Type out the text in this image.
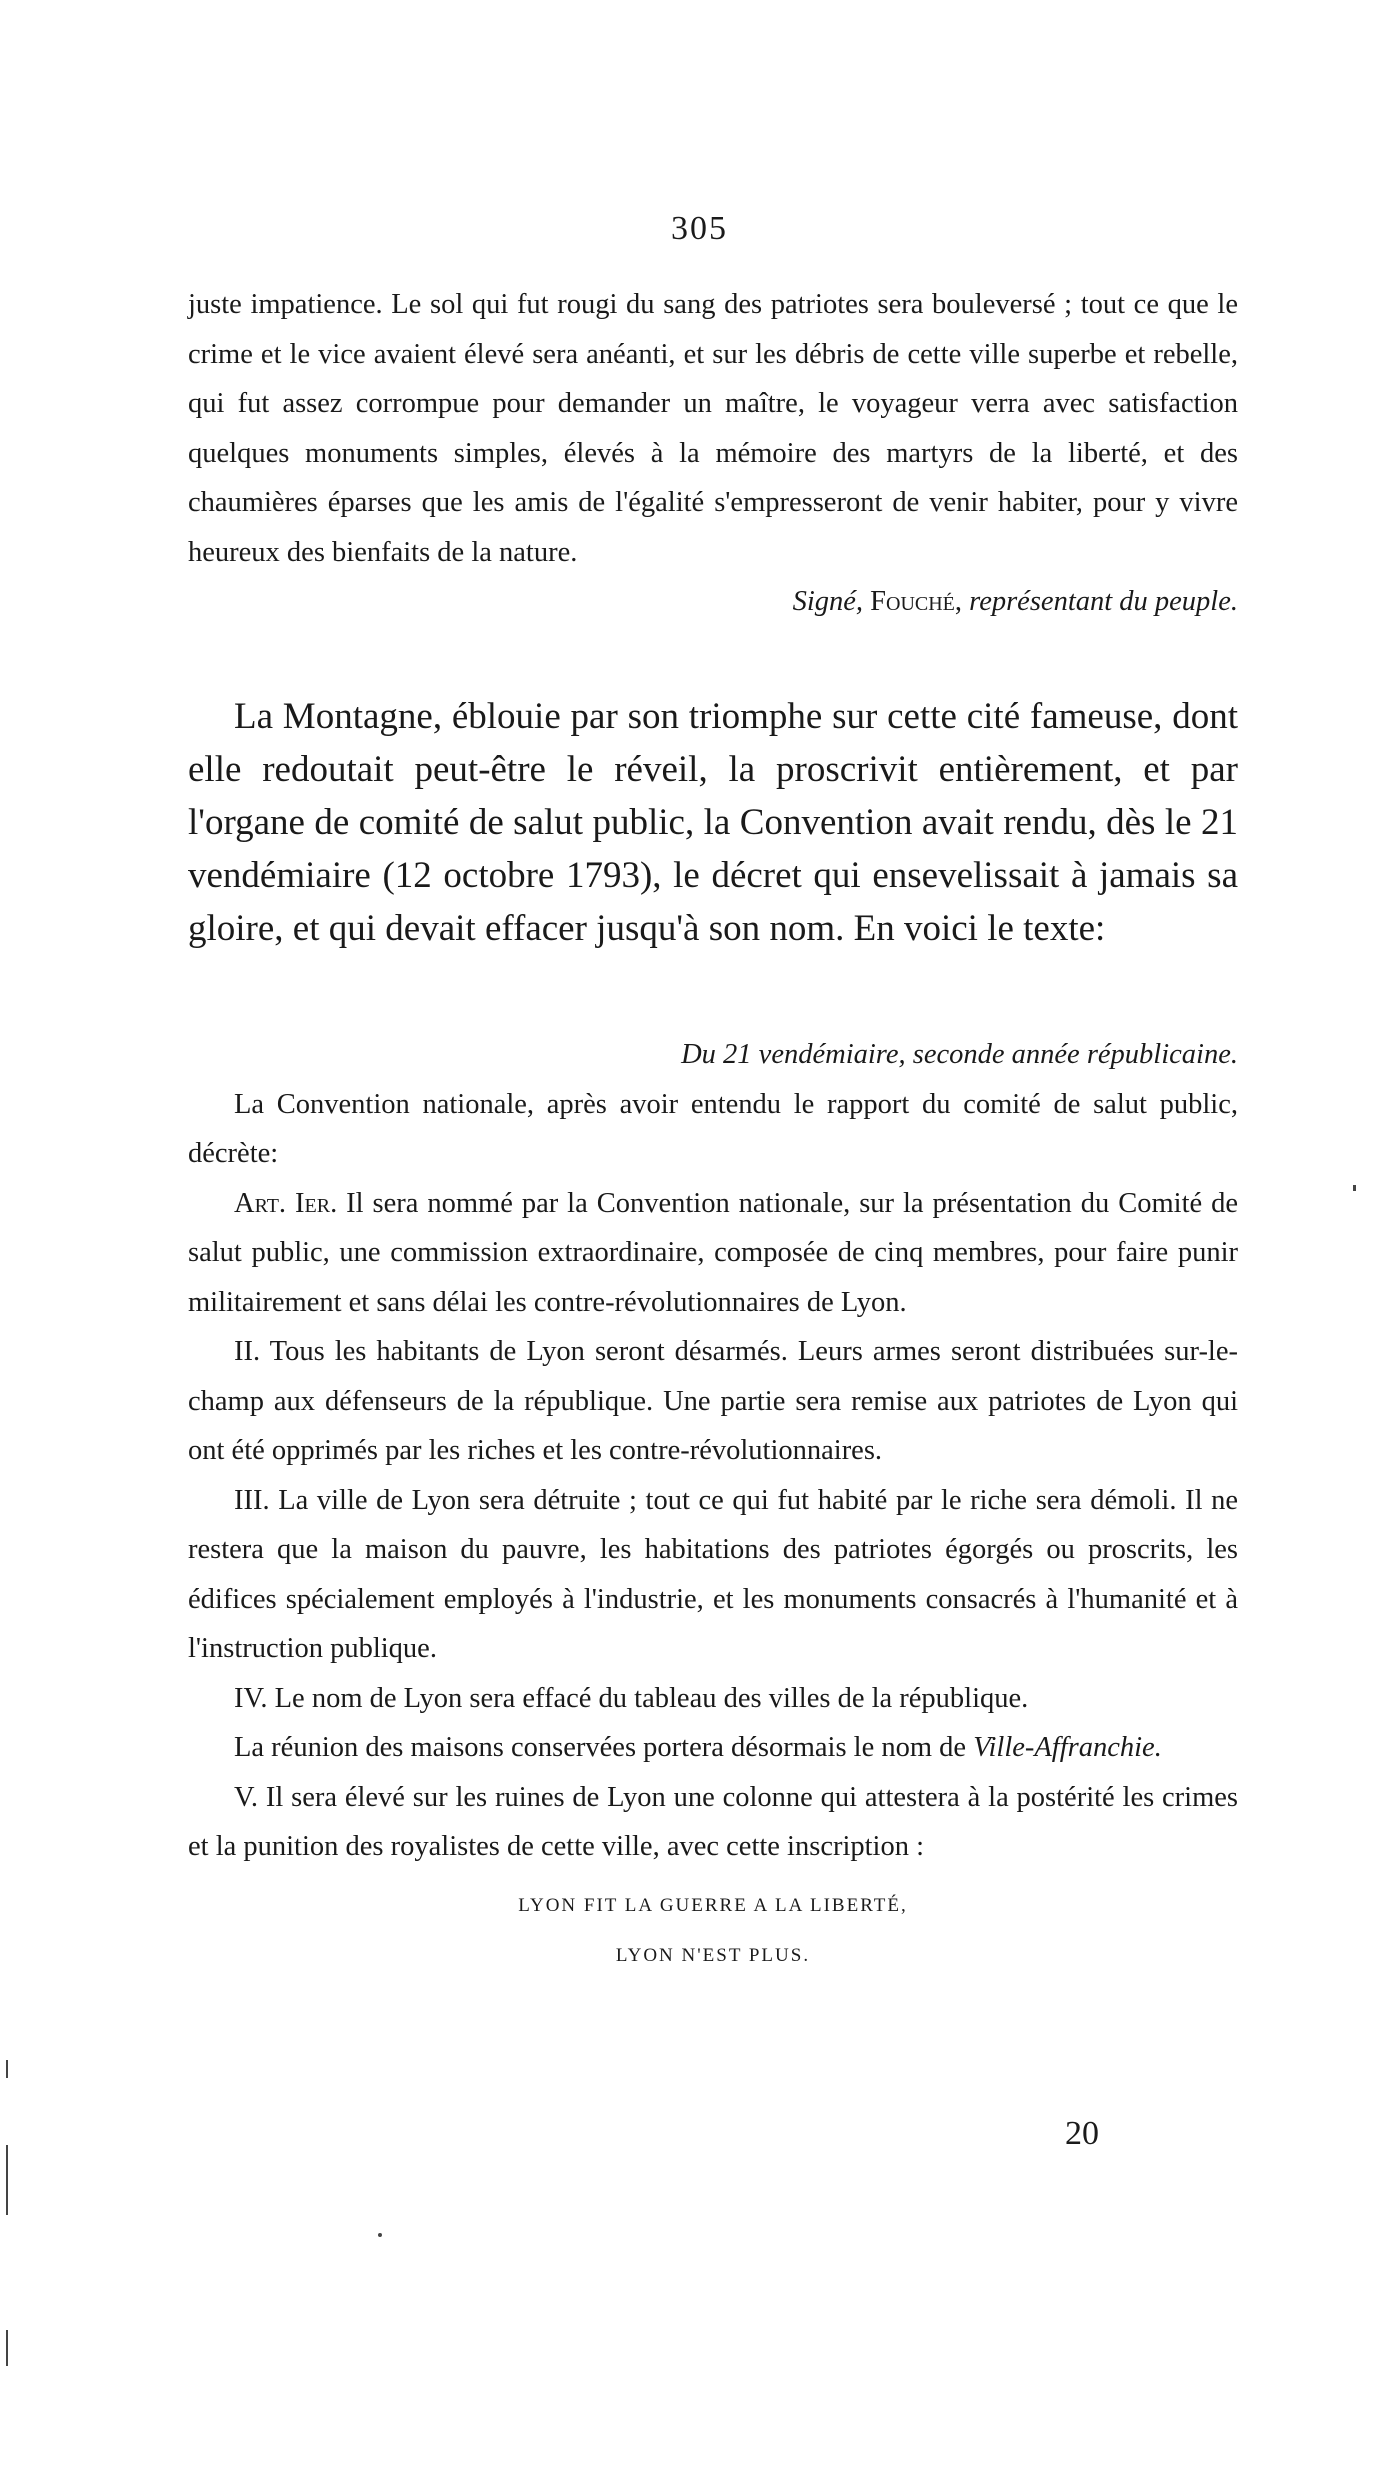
305

juste impatience. Le sol qui fut rougi du sang des patriotes sera bouleversé ; tout ce que le crime et le vice avaient élevé sera anéanti, et sur les débris de cette ville superbe et rebelle, qui fut assez corrompue pour demander un maître, le voyageur verra avec satisfaction quelques monuments simples, élevés à la mémoire des martyrs de la liberté, et des chaumières éparses que les amis de l'égalité s'empresseront de venir habiter, pour y vivre heureux des bienfaits de la nature.

Signé, Fouché, représentant du peuple.

La Montagne, éblouie par son triomphe sur cette cité fameuse, dont elle redoutait peut-être le réveil, la proscrivit entièrement, et par l'organe de comité de salut public, la Convention avait rendu, dès le 21 vendémiaire (12 octobre 1793), le décret qui ensevelissait à jamais sa gloire, et qui devait effacer jusqu'à son nom. En voici le texte:

Du 21 vendémiaire, seconde année républicaine.

La Convention nationale, après avoir entendu le rapport du comité de salut public, décrète:

Art. Ier. Il sera nommé par la Convention nationale, sur la présentation du Comité de salut public, une commission extraordinaire, composée de cinq membres, pour faire punir militairement et sans délai les contre-révolutionnaires de Lyon.

II. Tous les habitants de Lyon seront désarmés. Leurs armes seront distribuées sur-le-champ aux défenseurs de la république. Une partie sera remise aux patriotes de Lyon qui ont été opprimés par les riches et les contre-révolutionnaires.

III. La ville de Lyon sera détruite ; tout ce qui fut habité par le riche sera démoli. Il ne restera que la maison du pauvre, les habitations des patriotes égorgés ou proscrits, les édifices spécialement employés à l'industrie, et les monuments consacrés à l'humanité et à l'instruction publique.

IV. Le nom de Lyon sera effacé du tableau des villes de la république.

La réunion des maisons conservées portera désormais le nom de Ville-Affranchie.

V. Il sera élevé sur les ruines de Lyon une colonne qui attestera à la postérité les crimes et la punition des royalistes de cette ville, avec cette inscription :

LYON FIT LA GUERRE A LA LIBERTÉ,

LYON N'EST PLUS.

20
